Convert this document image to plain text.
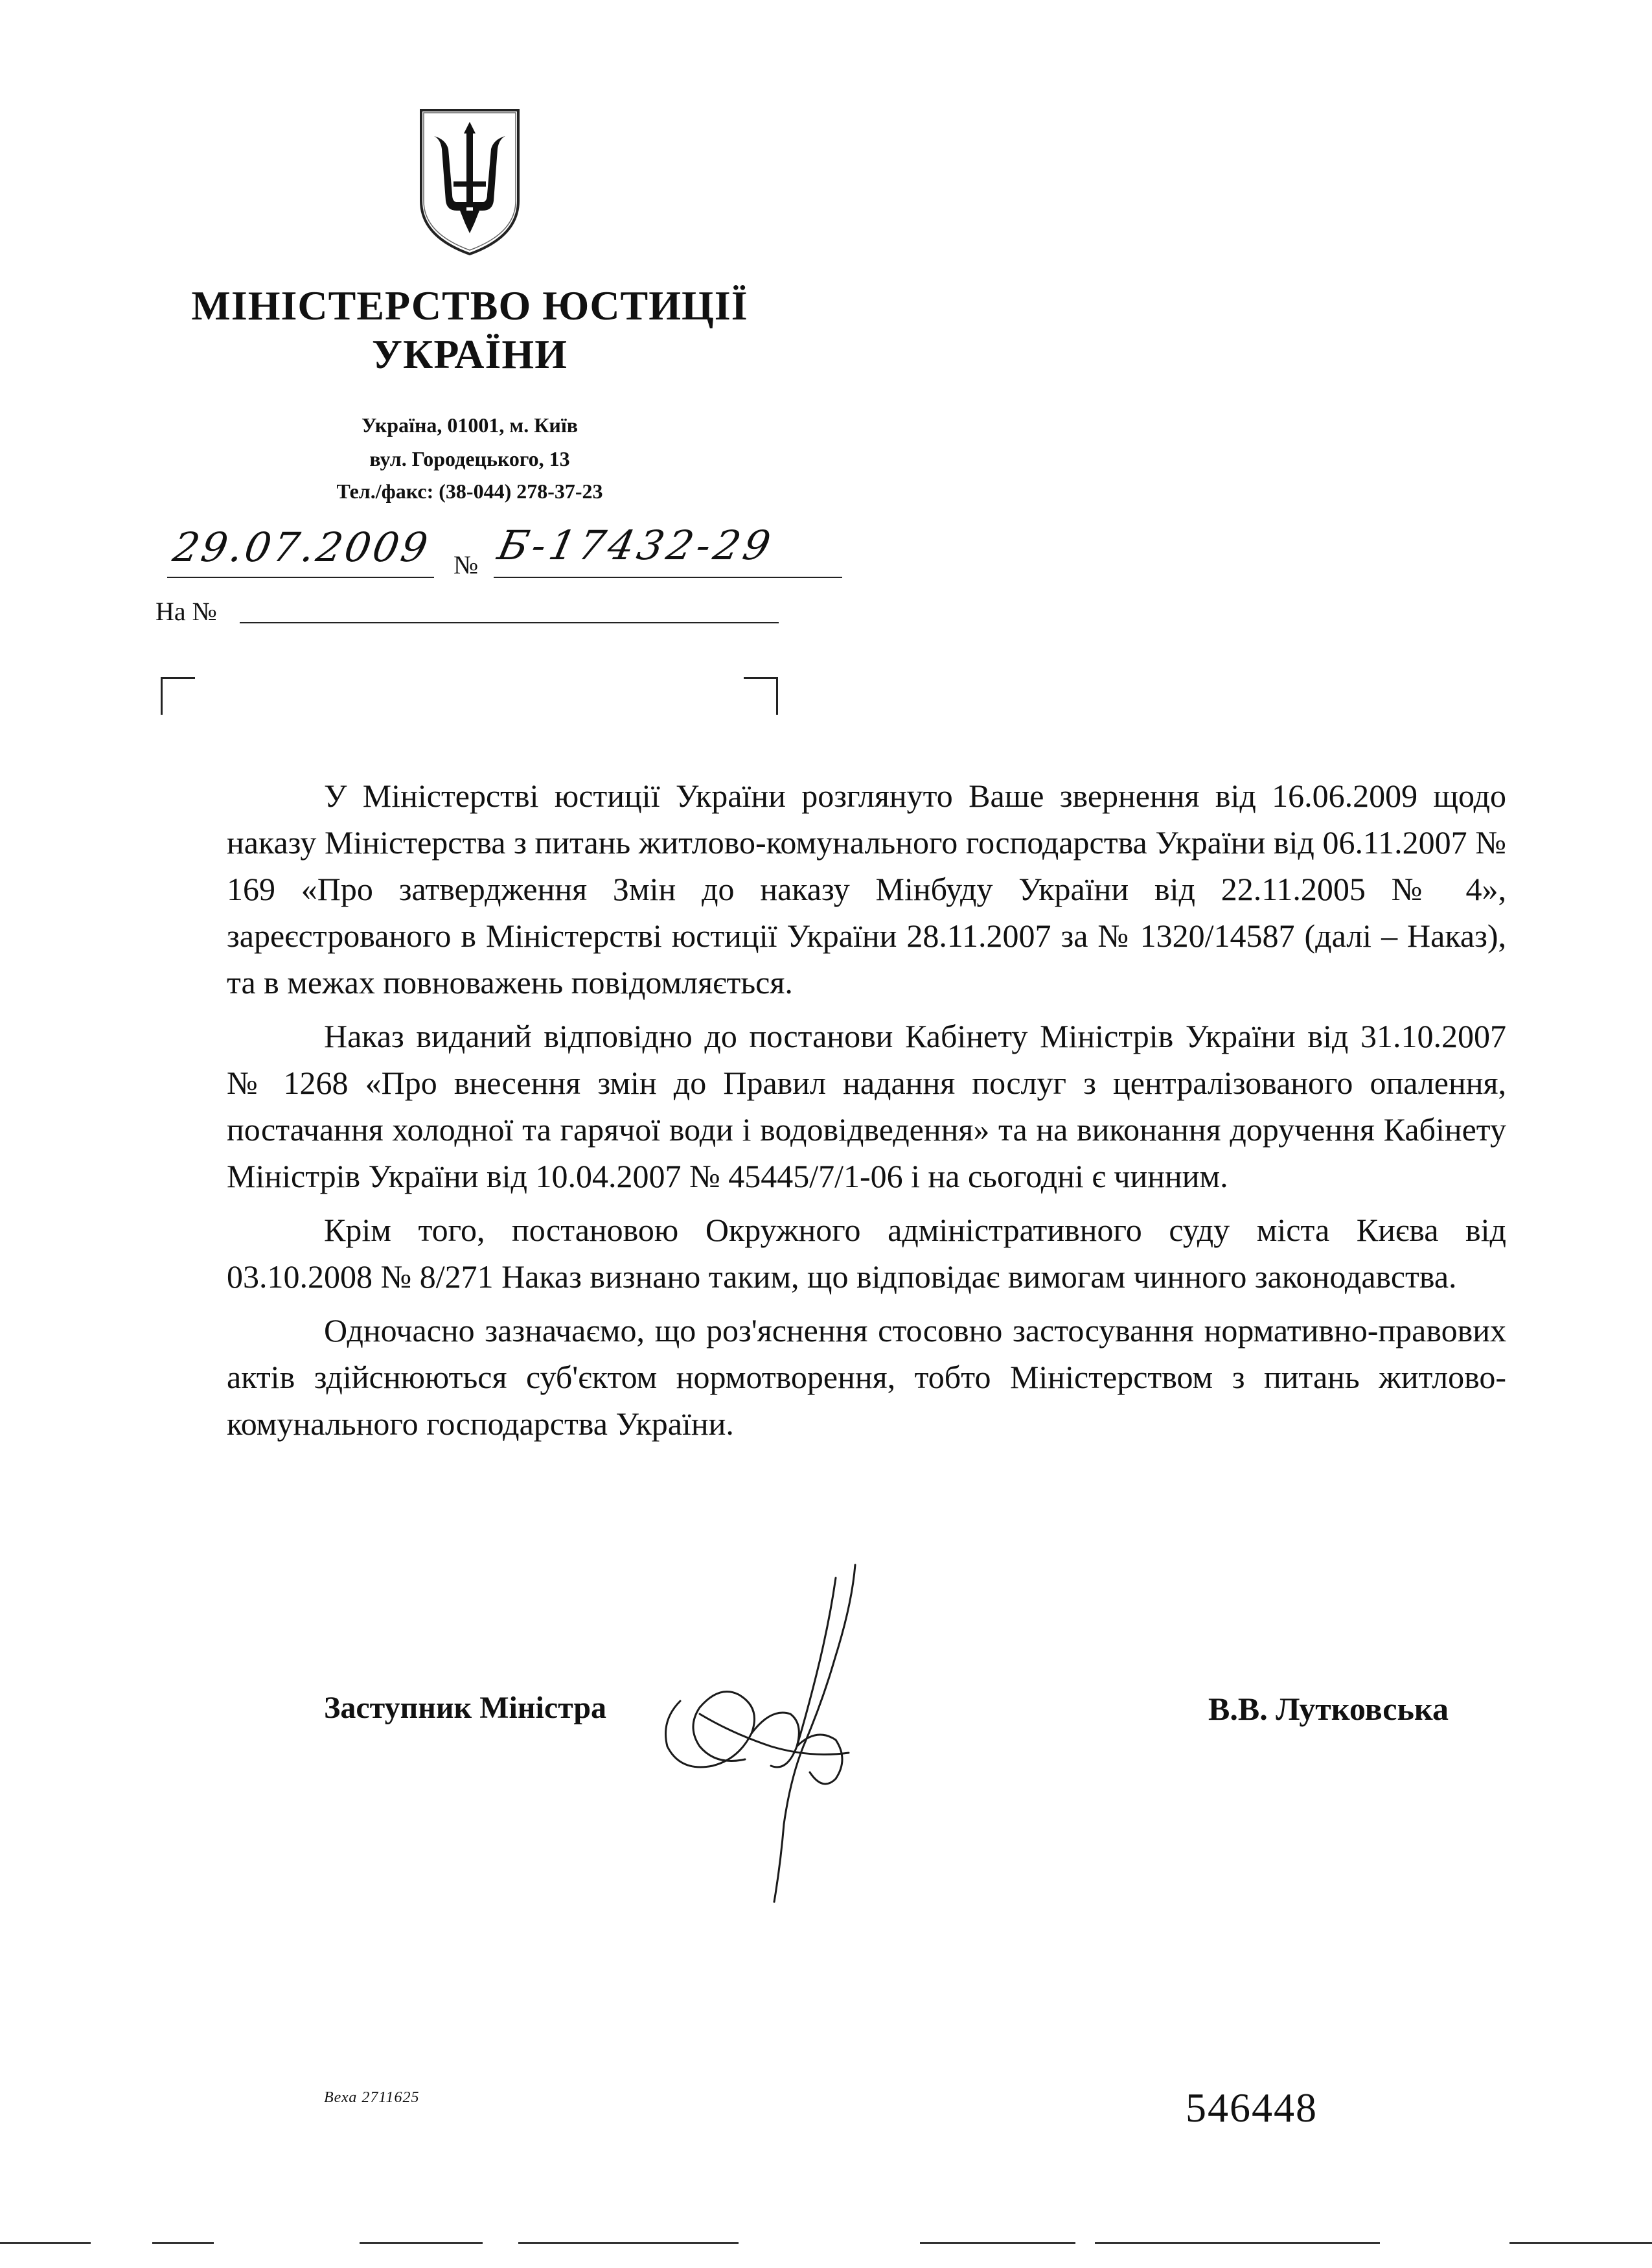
МІНІСТЕРСТВО ЮСТИЦІЇ
УКРАЇНИ
Україна, 01001, м. Київ
вул. Городецького, 13
Тел./факс: (38-044) 278-37-23
29.07.2009 № Б-17432-29
На №

У Міністерстві юстиції України розглянуто Ваше звернення від 16.06.2009 щодо наказу Міністерства з питань житлово-комунального господарства України від 06.11.2007 № 169 «Про затвердження Змін до наказу Мінбуду України від 22.11.2005 № 4», зареєстрованого в Міністерстві юстиції України 28.11.2007 за № 1320/14587 (далі – Наказ), та в межах повноважень повідомляється.

Наказ виданий відповідно до постанови Кабінету Міністрів України від 31.10.2007 № 1268 «Про внесення змін до Правил надання послуг з централізованого опалення, постачання холодної та гарячої води і водовідведення» та на виконання доручення Кабінету Міністрів України від 10.04.2007 № 45445/7/1-06 і на сьогодні є чинним.

Крім того, постановою Окружного адміністративного суду міста Києва від 03.10.2008 № 8/271 Наказ визнано таким, що відповідає вимогам чинного законодавства.

Одночасно зазначаємо, що роз'яснення стосовно застосування нормативно-правових актів здійснюються суб'єктом нормотворення, тобто Міністерством з питань житлово-комунального господарства України.

Заступник Міністра	В.В. Лутковська
Веха 2711625	546448
